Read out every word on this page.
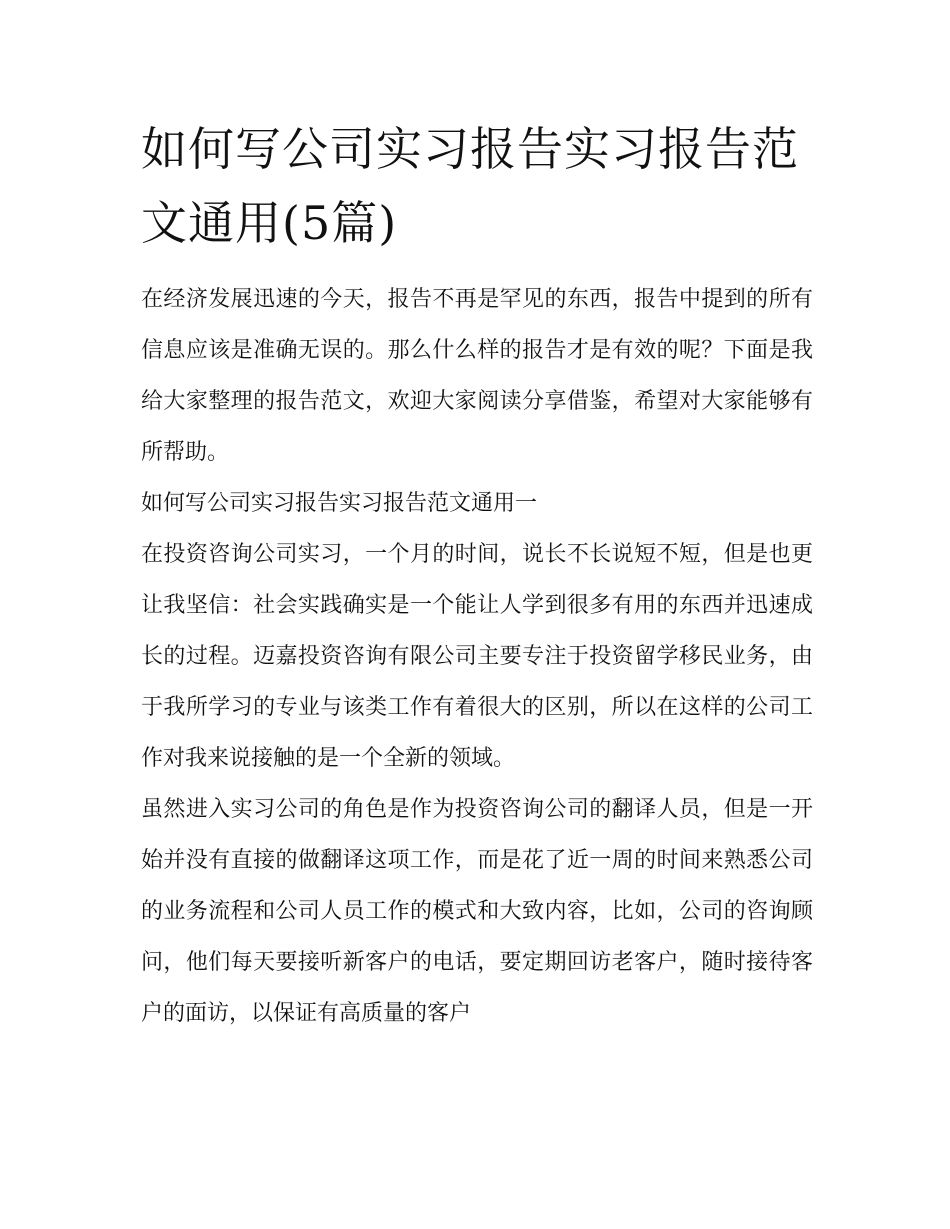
如何写公司实习报告实习报告范文通用(5篇)

在经济发展迅速的今天，报告不再是罕见的东西，报告中提到的所有信息应该是准确无误的。那么什么样的报告才是有效的呢？下面是我给大家整理的报告范文，欢迎大家阅读分享借鉴，希望对大家能够有所帮助。

如何写公司实习报告实习报告范文通用一

在投资咨询公司实习，一个月的时间，说长不长说短不短，但是也更让我坚信：社会实践确实是一个能让人学到很多有用的东西并迅速成长的过程。迈嘉投资咨询有限公司主要专注于投资留学移民业务，由于我所学习的专业与该类工作有着很大的区别，所以在这样的公司工作对我来说接触的是一个全新的领域。

虽然进入实习公司的角色是作为投资咨询公司的翻译人员，但是一开始并没有直接的做翻译这项工作，而是花了近一周的时间来熟悉公司的业务流程和公司人员工作的模式和大致内容，比如，公司的咨询顾问，他们每天要接听新客户的电话，要定期回访老客户，随时接待客户的面访，以保证有高质量的客户
